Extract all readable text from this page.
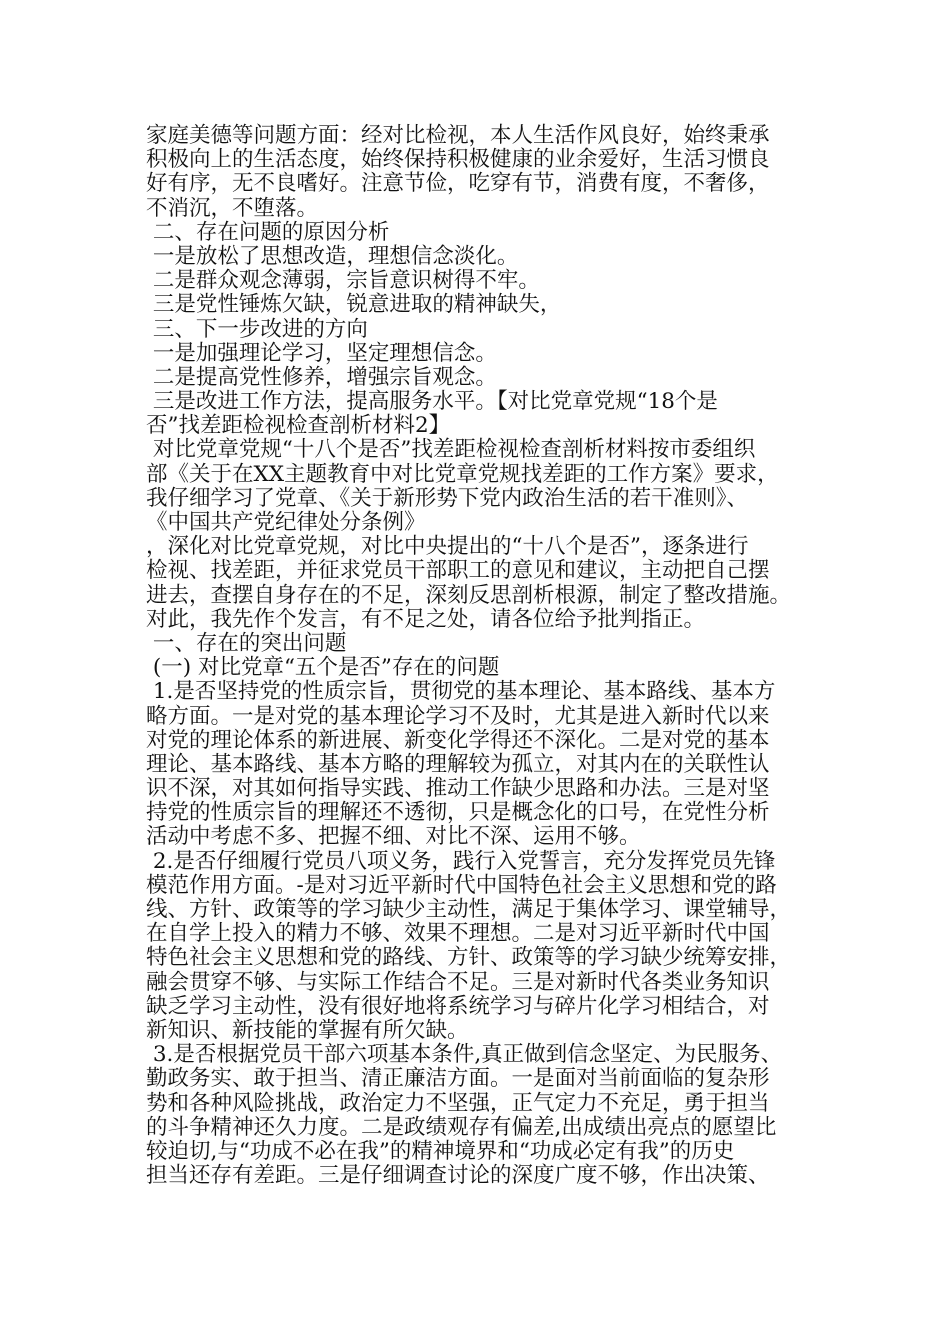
家庭美德等问题方面：经对比检视，本人生活作风良好，始终秉承
积极向上的生活态度，始终保持积极健康的业余爱好，生活习惯良
好有序，无不良嗜好。注意节俭，吃穿有节，消费有度，不奢侈，
不消沉，不堕落。
二、存在问题的原因分析
一是放松了思想改造，理想信念淡化。
二是群众观念薄弱，宗旨意识树得不牢。
三是党性锤炼欠缺，锐意进取的精神缺失，
三、下一步改进的方向
一是加强理论学习，坚定理想信念。
二是提高党性修养，增强宗旨观念。
三是改进工作方法，提高服务水平。【对比党章党规“18个是
否”找差距检视检查剖析材料2】
对比党章党规“十八个是否”找差距检视检查剖析材料按市委组织
部《关于在XX主题教育中对比党章党规找差距的工作方案》要求，
我仔细学习了党章、《关于新形势下党内政治生活的若干准则》、
《中国共产党纪律处分条例》
，深化对比党章党规，对比中央提出的“十八个是否”，逐条进行
检视、找差距，并征求党员干部职工的意见和建议，主动把自己摆
进去，查摆自身存在的不足，深刻反思剖析根源，制定了整改措施。
对此，我先作个发言，有不足之处，请各位给予批判指正。
一、存在的突出问题
(一) 对比党章“五个是否”存在的问题
1.是否坚持党的性质宗旨，贯彻党的基本理论、基本路线、基本方
略方面。一是对党的基本理论学习不及时，尤其是进入新时代以来
对党的理论体系的新进展、新变化学得还不深化。二是对党的基本
理论、基本路线、基本方略的理解较为孤立，对其内在的关联性认
识不深，对其如何指导实践、推动工作缺少思路和办法。三是对坚
持党的性质宗旨的理解还不透彻，只是概念化的口号，在党性分析
活动中考虑不多、把握不细、对比不深、运用不够。
2.是否仔细履行党员八项义务，践行入党誓言，充分发挥党员先锋
模范作用方面。-是对习近平新时代中国特色社会主义思想和党的路
线、方针、政策等的学习缺少主动性，满足于集体学习、课堂辅导，
在自学上投入的精力不够、效果不理想。二是对习近平新时代中国
特色社会主义思想和党的路线、方针、政策等的学习缺少统筹安排，
融会贯穿不够、与实际工作结合不足。三是对新时代各类业务知识
缺乏学习主动性，没有很好地将系统学习与碎片化学习相结合，对
新知识、新技能的掌握有所欠缺。
3.是否根据党员干部六项基本条件,真正做到信念坚定、为民服务、
勤政务实、敢于担当、清正廉洁方面。一是面对当前面临的复杂形
势和各种风险挑战，政治定力不坚强，正气定力不充足，勇于担当
的斗争精神还久力度。二是政绩观存有偏差,出成绩出亮点的愿望比
较迫切,与“功成不必在我”的精神境界和“功成必定有我”的历史
担当还存有差距。三是仔细调查讨论的深度广度不够，作出决策、
